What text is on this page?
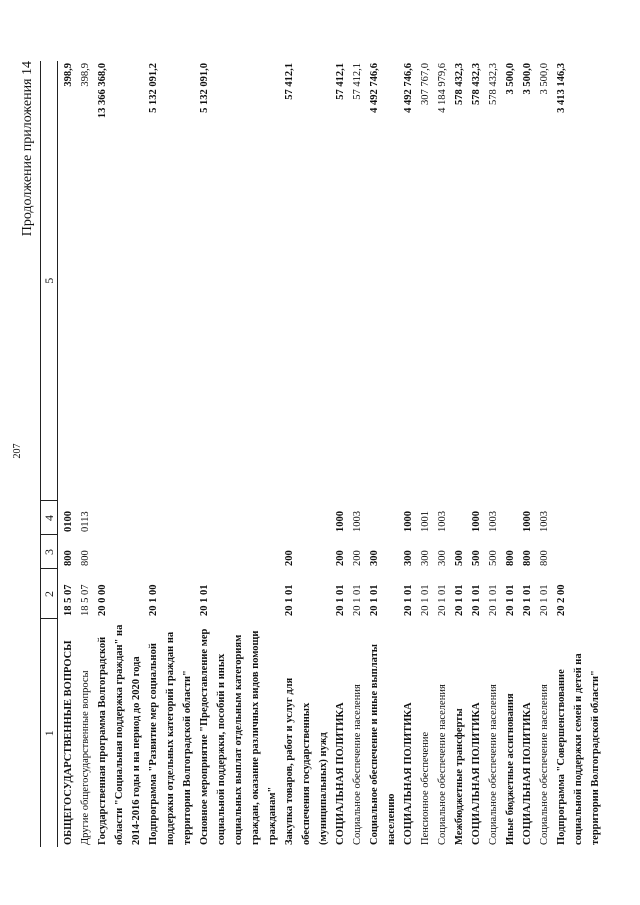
207
Продолжение приложения 14
1	2	3	4	5
ОБЩЕГОСУДАРСТВЕННЫЕ ВОПРОСЫ	18 5 07	800	0100	398,9
Другие общегосударственные вопросы	18 5 07	800	0113	398,9
Государственная программа Волгоградской области "Социальная поддержка граждан" на 2014-2016 годы и на период до 2020 года	20 0 00			13 366 368,0
Подпрограмма "Развитие мер социальной поддержки отдельных категорий граждан на территории Волгоградской области"	20 1 00			5 132 091,2
Основное мероприятие "Предоставление мер социальной поддержки, пособий и иных социальных выплат отдельным категориям граждан, оказание различных видов помощи гражданам"	20 1 01			5 132 091,0
Закупка товаров, работ и услуг для обеспечения государственных (муниципальных) нужд	20 1 01	200		57 412,1
СОЦИАЛЬНАЯ ПОЛИТИКА	20 1 01	200	1000	57 412,1
Социальное обеспечение населения	20 1 01	200	1003	57 412,1
Социальное обеспечение и иные выплаты населению	20 1 01	300		4 492 746,6
СОЦИАЛЬНАЯ ПОЛИТИКА	20 1 01	300	1000	4 492 746,6
Пенсионное обеспечение	20 1 01	300	1001	307 767,0
Социальное обеспечение населения	20 1 01	300	1003	4 184 979,6
Межбюджетные трансферты	20 1 01	500		578 432,3
СОЦИАЛЬНАЯ ПОЛИТИКА	20 1 01	500	1000	578 432,3
Социальное обеспечение населения	20 1 01	500	1003	578 432,3
Иные бюджетные ассигнования	20 1 01	800		3 500,0
СОЦИАЛЬНАЯ ПОЛИТИКА	20 1 01	800	1000	3 500,0
Социальное обеспечение населения	20 1 01	800	1003	3 500,0
Подпрограмма "Совершенствование социальной поддержки семей и детей на территории Волгоградской области"	20 2 00			3 413 146,3
